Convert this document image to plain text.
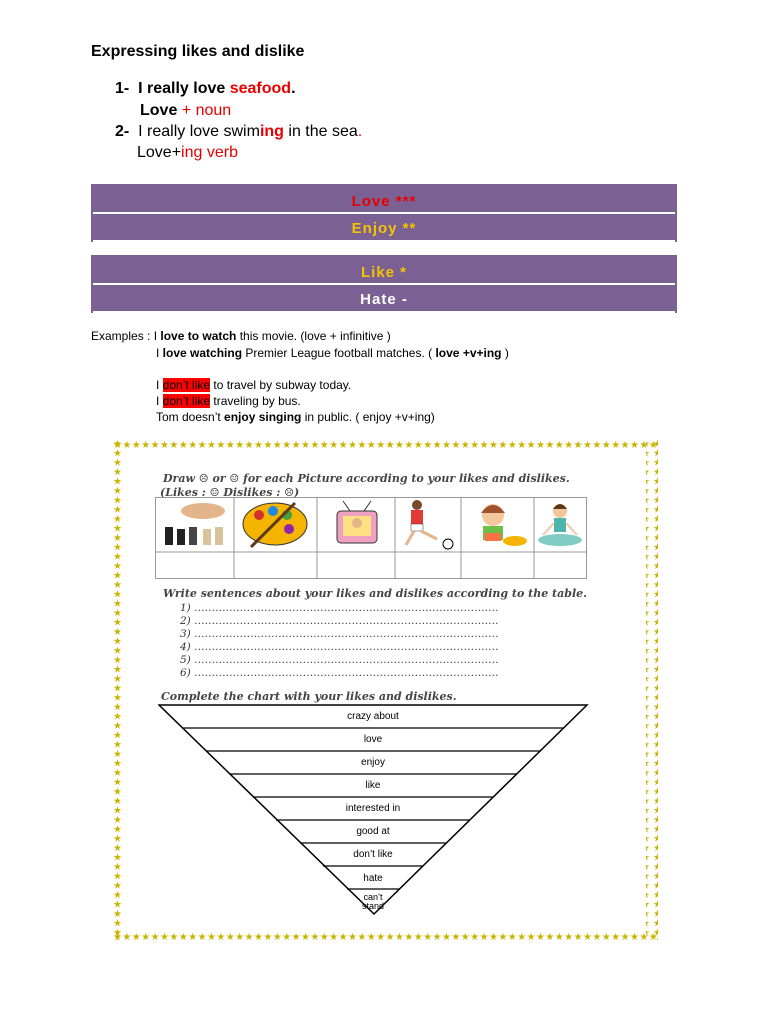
Expressing likes and dislike
1- I really love seafood.
Love + noun
2- I really love swiming in the sea.
Love+ing verb
Love ***
Enjoy **
Like *
Hate -
Examples : I love to watch this movie. (love + infinitive )
I love watching Premier League football matches. ( love +v+ing )
I don’t like to travel by subway today.
I don’t like traveling by bus.
Tom doesn’t enjoy singing in public. ( enjoy +v+ing)
Draw ☹ or ☺ for each Picture according to your likes and dislikes.
(Likes : ☺ Dislikes : ☹)
Write sentences about your likes and dislikes according to the table.
1) ……………………………………………………………………………
2) ……………………………………………………………………………
3) ……………………………………………………………………………
4) ……………………………………………………………………………
5) ……………………………………………………………………………
6) ……………………………………………………………………………
Complete the chart with your likes and dislikes.
crazy about
love
enjoy
like
interested in
good at
don’t like
hate
can’t stand
